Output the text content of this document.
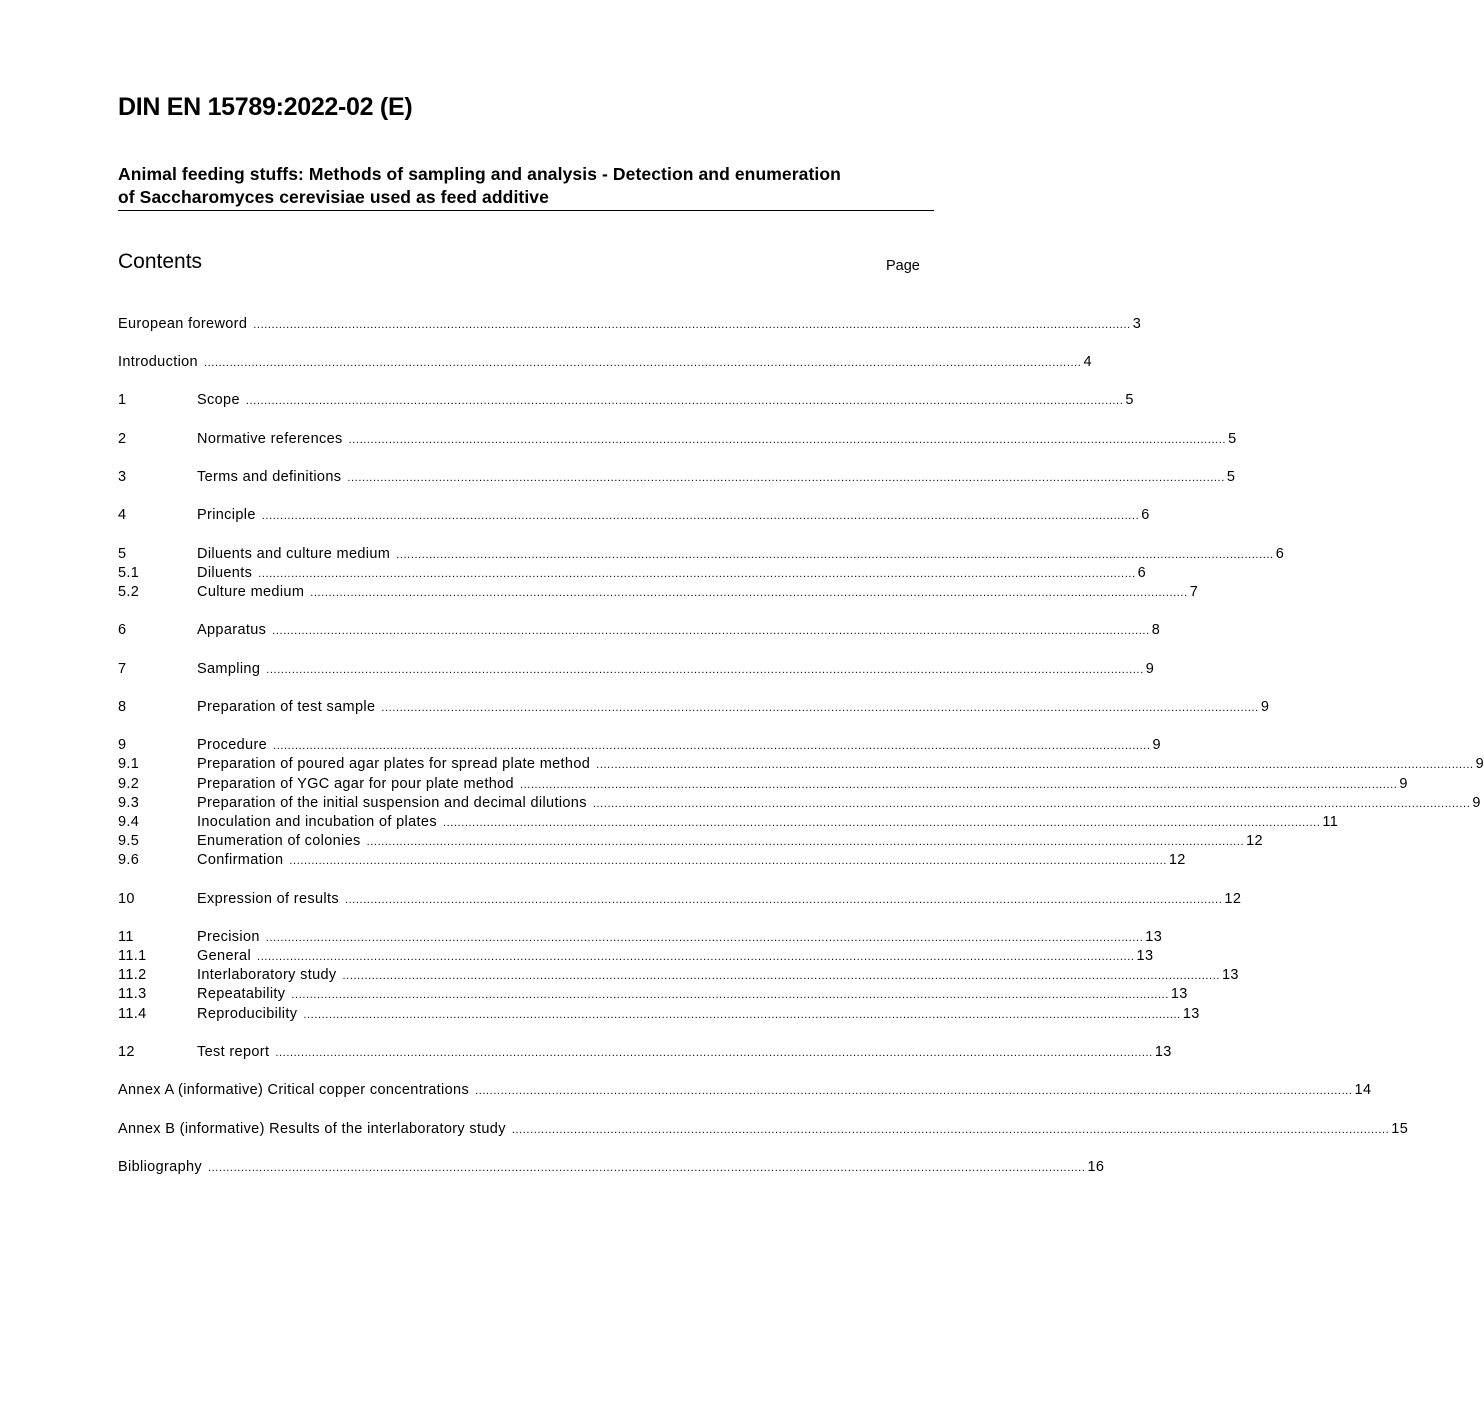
DIN EN 15789:2022-02 (E)
Animal feeding stuffs: Methods of sampling and analysis - Detection and enumeration
of Saccharomyces cerevisiae used as feed additive
Contents	Page
European foreword ................................................................................................................................................................................................................................................ 3
Introduction ................................................................................................................................................................................................................................................ 4
1	Scope ................................................................................................................................................................................................................................................ 5
2	Normative references ................................................................................................................................................................................................................................................ 5
3	Terms and definitions ................................................................................................................................................................................................................................................ 5
4	Principle ................................................................................................................................................................................................................................................ 6
5	Diluents and culture medium ................................................................................................................................................................................................................................................ 6
5.1	Diluents ................................................................................................................................................................................................................................................ 6
5.2	Culture medium ................................................................................................................................................................................................................................................ 7
6	Apparatus ................................................................................................................................................................................................................................................ 8
7	Sampling ................................................................................................................................................................................................................................................ 9
8	Preparation of test sample ................................................................................................................................................................................................................................................ 9
9	Procedure ................................................................................................................................................................................................................................................ 9
9.1	Preparation of poured agar plates for spread plate method ................................................................................................................................................................................................................................................ 9
9.2	Preparation of YGC agar for pour plate method ................................................................................................................................................................................................................................................ 9
9.3	Preparation of the initial suspension and decimal dilutions ................................................................................................................................................................................................................................................ 9
9.4	Inoculation and incubation of plates ................................................................................................................................................................................................................................................ 11
9.5	Enumeration of colonies ................................................................................................................................................................................................................................................ 12
9.6	Confirmation ................................................................................................................................................................................................................................................ 12
10	Expression of results ................................................................................................................................................................................................................................................ 12
11	Precision ................................................................................................................................................................................................................................................ 13
11.1	General ................................................................................................................................................................................................................................................ 13
11.2	Interlaboratory study ................................................................................................................................................................................................................................................ 13
11.3	Repeatability ................................................................................................................................................................................................................................................ 13
11.4	Reproducibility ................................................................................................................................................................................................................................................ 13
12	Test report ................................................................................................................................................................................................................................................ 13
Annex A (informative) Critical copper concentrations ................................................................................................................................................................................................................................................ 14
Annex B (informative) Results of the interlaboratory study ................................................................................................................................................................................................................................................ 15
Bibliography ................................................................................................................................................................................................................................................ 16
